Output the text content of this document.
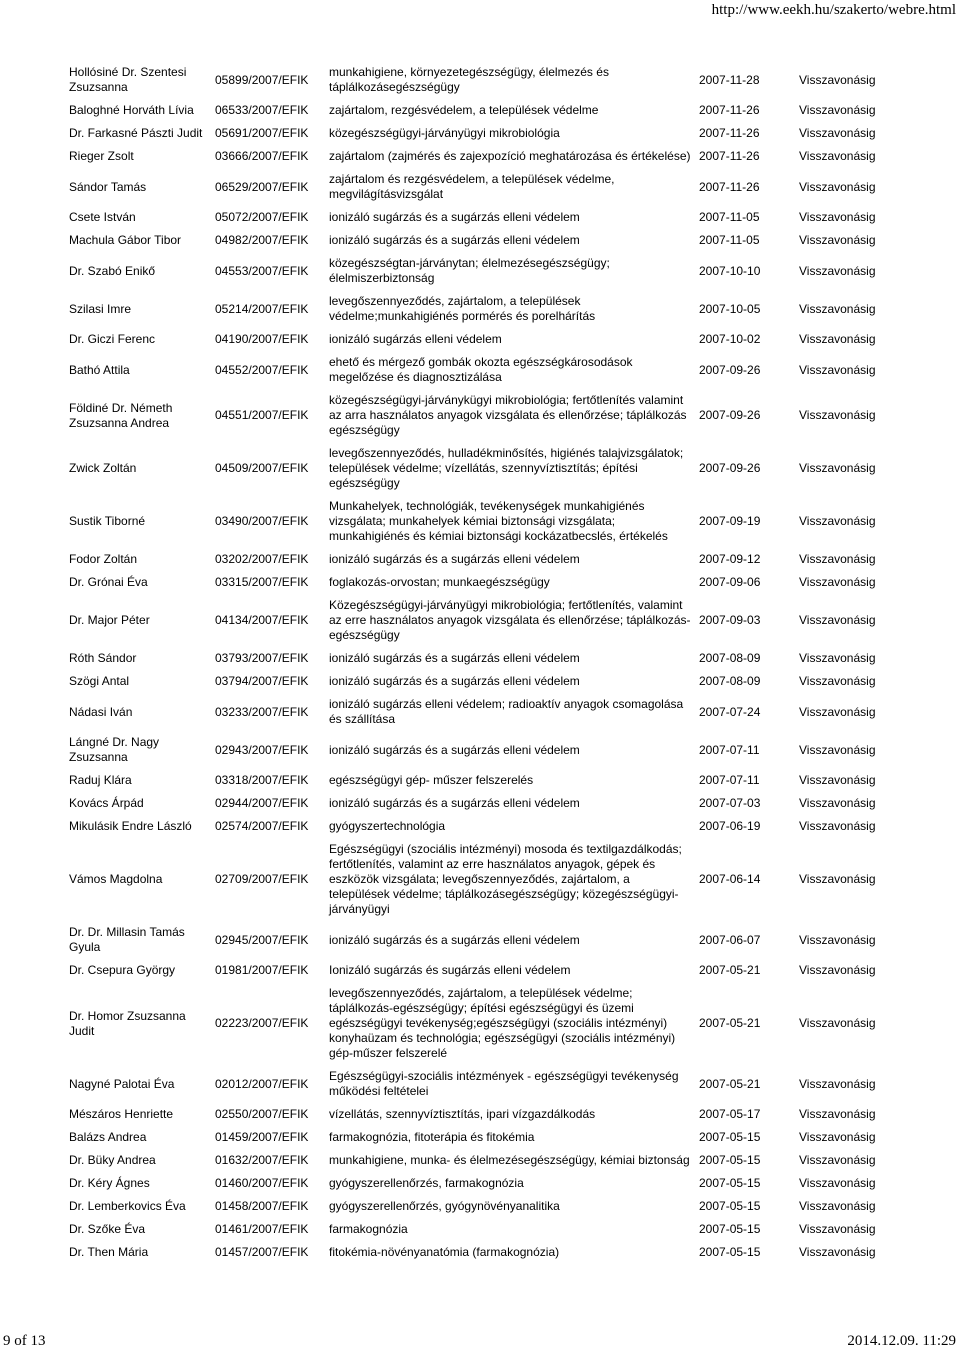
http://www.eekh.hu/szakerto/webre.html
Hollósiné Dr. Szentesi Zsuzsanna	05899/2007/EFIK	munkahigiene, környezetegészségügy, élelmezés és táplálkozásegészségügy	2007-11-28	Visszavonásig
Baloghné Horváth Lívia	06533/2007/EFIK	zajártalom, rezgésvédelem, a települések védelme	2007-11-26	Visszavonásig
Dr. Farkasné Pászti Judit	05691/2007/EFIK	közegészségügyi-járványügyi mikrobiológia	2007-11-26	Visszavonásig
Rieger Zsolt	03666/2007/EFIK	zajártalom (zajmérés és zajexpozíció meghatározása és értékelése)	2007-11-26	Visszavonásig
Sándor Tamás	06529/2007/EFIK	zajártalom és rezgésvédelem, a települések védelme, megvilágításvizsgálat	2007-11-26	Visszavonásig
Csete István	05072/2007/EFIK	ionizáló sugárzás és a sugárzás elleni védelem	2007-11-05	Visszavonásig
Machula Gábor Tibor	04982/2007/EFIK	ionizáló sugárzás és a sugárzás elleni védelem	2007-11-05	Visszavonásig
Dr. Szabó Enikő	04553/2007/EFIK	közegészségtan-járványtan; élelmezésegészségügy; élelmiszerbiztonság	2007-10-10	Visszavonásig
Szilasi Imre	05214/2007/EFIK	levegőszennyeződés, zajártalom, a települések védelme;munkahigiénés pormérés és porelhárítás	2007-10-05	Visszavonásig
Dr. Giczi Ferenc	04190/2007/EFIK	ionizáló sugárzás elleni védelem	2007-10-02	Visszavonásig
Bathó Attila	04552/2007/EFIK	ehető és mérgező gombák okozta egészségkárosodások megelőzése és diagnosztizálása	2007-09-26	Visszavonásig
Földiné Dr. Németh Zsuzsanna Andrea	04551/2007/EFIK	közegészségügyi-járványkügyi mikrobiológia; fertőtlenítés valamint az arra használatos anyagok vizsgálata és ellenőrzése; táplálkozás egészségügy	2007-09-26	Visszavonásig
Zwick Zoltán	04509/2007/EFIK	levegőszennyeződés, hulladékminősítés, higiénés talajvizsgálatok; települések védelme; vízellátás, szennyvíztisztítás; építési egészségügy	2007-09-26	Visszavonásig
Sustik Tiborné	03490/2007/EFIK	Munkahelyek, technológiák, tevékenységek munkahigiénés vizsgálata; munkahelyek kémiai biztonsági vizsgálata; munkahigiénés és kémiai biztonsági kockázatbecslés, értékelés	2007-09-19	Visszavonásig
Fodor Zoltán	03202/2007/EFIK	ionizáló sugárzás és a sugárzás elleni védelem	2007-09-12	Visszavonásig
Dr. Grónai Éva	03315/2007/EFIK	foglakozás-orvostan; munkaegészségügy	2007-09-06	Visszavonásig
Dr. Major Péter	04134/2007/EFIK	Közegészségügyi-járványügyi mikrobiológia; fertőtlenítés, valamint az erre használatos anyagok vizsgálata és ellenőrzése; táplálkozás-egészségügy	2007-09-03	Visszavonásig
Róth Sándor	03793/2007/EFIK	ionizáló sugárzás és a sugárzás elleni védelem	2007-08-09	Visszavonásig
Szögi Antal	03794/2007/EFIK	ionizáló sugárzás és a sugárzás elleni védelem	2007-08-09	Visszavonásig
Nádasi Iván	03233/2007/EFIK	ionizáló sugárzás elleni védelem; radioaktív anyagok csomagolása és szállítása	2007-07-24	Visszavonásig
Lángné Dr. Nagy Zsuzsanna	02943/2007/EFIK	ionizáló sugárzás és a sugárzás elleni védelem	2007-07-11	Visszavonásig
Raduj Klára	03318/2007/EFIK	egészségügyi gép- műszer felszerelés	2007-07-11	Visszavonásig
Kovács Árpád	02944/2007/EFIK	ionizáló sugárzás és a sugárzás elleni védelem	2007-07-03	Visszavonásig
Mikulásik Endre László	02574/2007/EFIK	gyógyszertechnológia	2007-06-19	Visszavonásig
Vámos Magdolna	02709/2007/EFIK	Egészségügyi (szociális intézményi) mosoda és textilgazdálkodás; fertőtlenítés, valamint az erre használatos anyagok, gépek és eszközök vizsgálata; levegőszennyeződés, zajártalom, a települések védelme; táplálkozásegészségügy; közegészségügyi-járványügyi	2007-06-14	Visszavonásig
Dr. Dr. Millasin Tamás Gyula	02945/2007/EFIK	ionizáló sugárzás és a sugárzás elleni védelem	2007-06-07	Visszavonásig
Dr. Csepura György	01981/2007/EFIK	Ionizáló sugárzás és sugárzás elleni védelem	2007-05-21	Visszavonásig
Dr. Homor Zsuzsanna Judit	02223/2007/EFIK	levegőszennyeződés, zajártalom, a települések védelme; táplálkozás-egészségügy; építési egészségügyi és üzemi egészségügyi tevékenység;egészségügyi (szociális intézményi) konyhaüzam és technológia; egészségügyi (szociális intézményi) gép-műszer felszerelé	2007-05-21	Visszavonásig
Nagyné Palotai Éva	02012/2007/EFIK	Egészségügyi-szociális intézmények - egészségügyi tevékenység működési feltételei	2007-05-21	Visszavonásig
Mészáros Henriette	02550/2007/EFIK	vízellátás, szennyvíztisztítás, ipari vízgazdálkodás	2007-05-17	Visszavonásig
Balázs Andrea	01459/2007/EFIK	farmakognózia, fitoterápia és fitokémia	2007-05-15	Visszavonásig
Dr. Büky Andrea	01632/2007/EFIK	munkahigiene, munka- és élelmezésegészségügy, kémiai biztonság	2007-05-15	Visszavonásig
Dr. Kéry Ágnes	01460/2007/EFIK	gyógyszerellenőrzés, farmakognózia	2007-05-15	Visszavonásig
Dr. Lemberkovics Éva	01458/2007/EFIK	gyógyszerellenőrzés, gyógynövényanalitika	2007-05-15	Visszavonásig
Dr. Szőke Éva	01461/2007/EFIK	farmakognózia	2007-05-15	Visszavonásig
Dr. Then Mária	01457/2007/EFIK	fitokémia-növényanatómia (farmakognózia)	2007-05-15	Visszavonásig
9 of 13	2014.12.09. 11:29
